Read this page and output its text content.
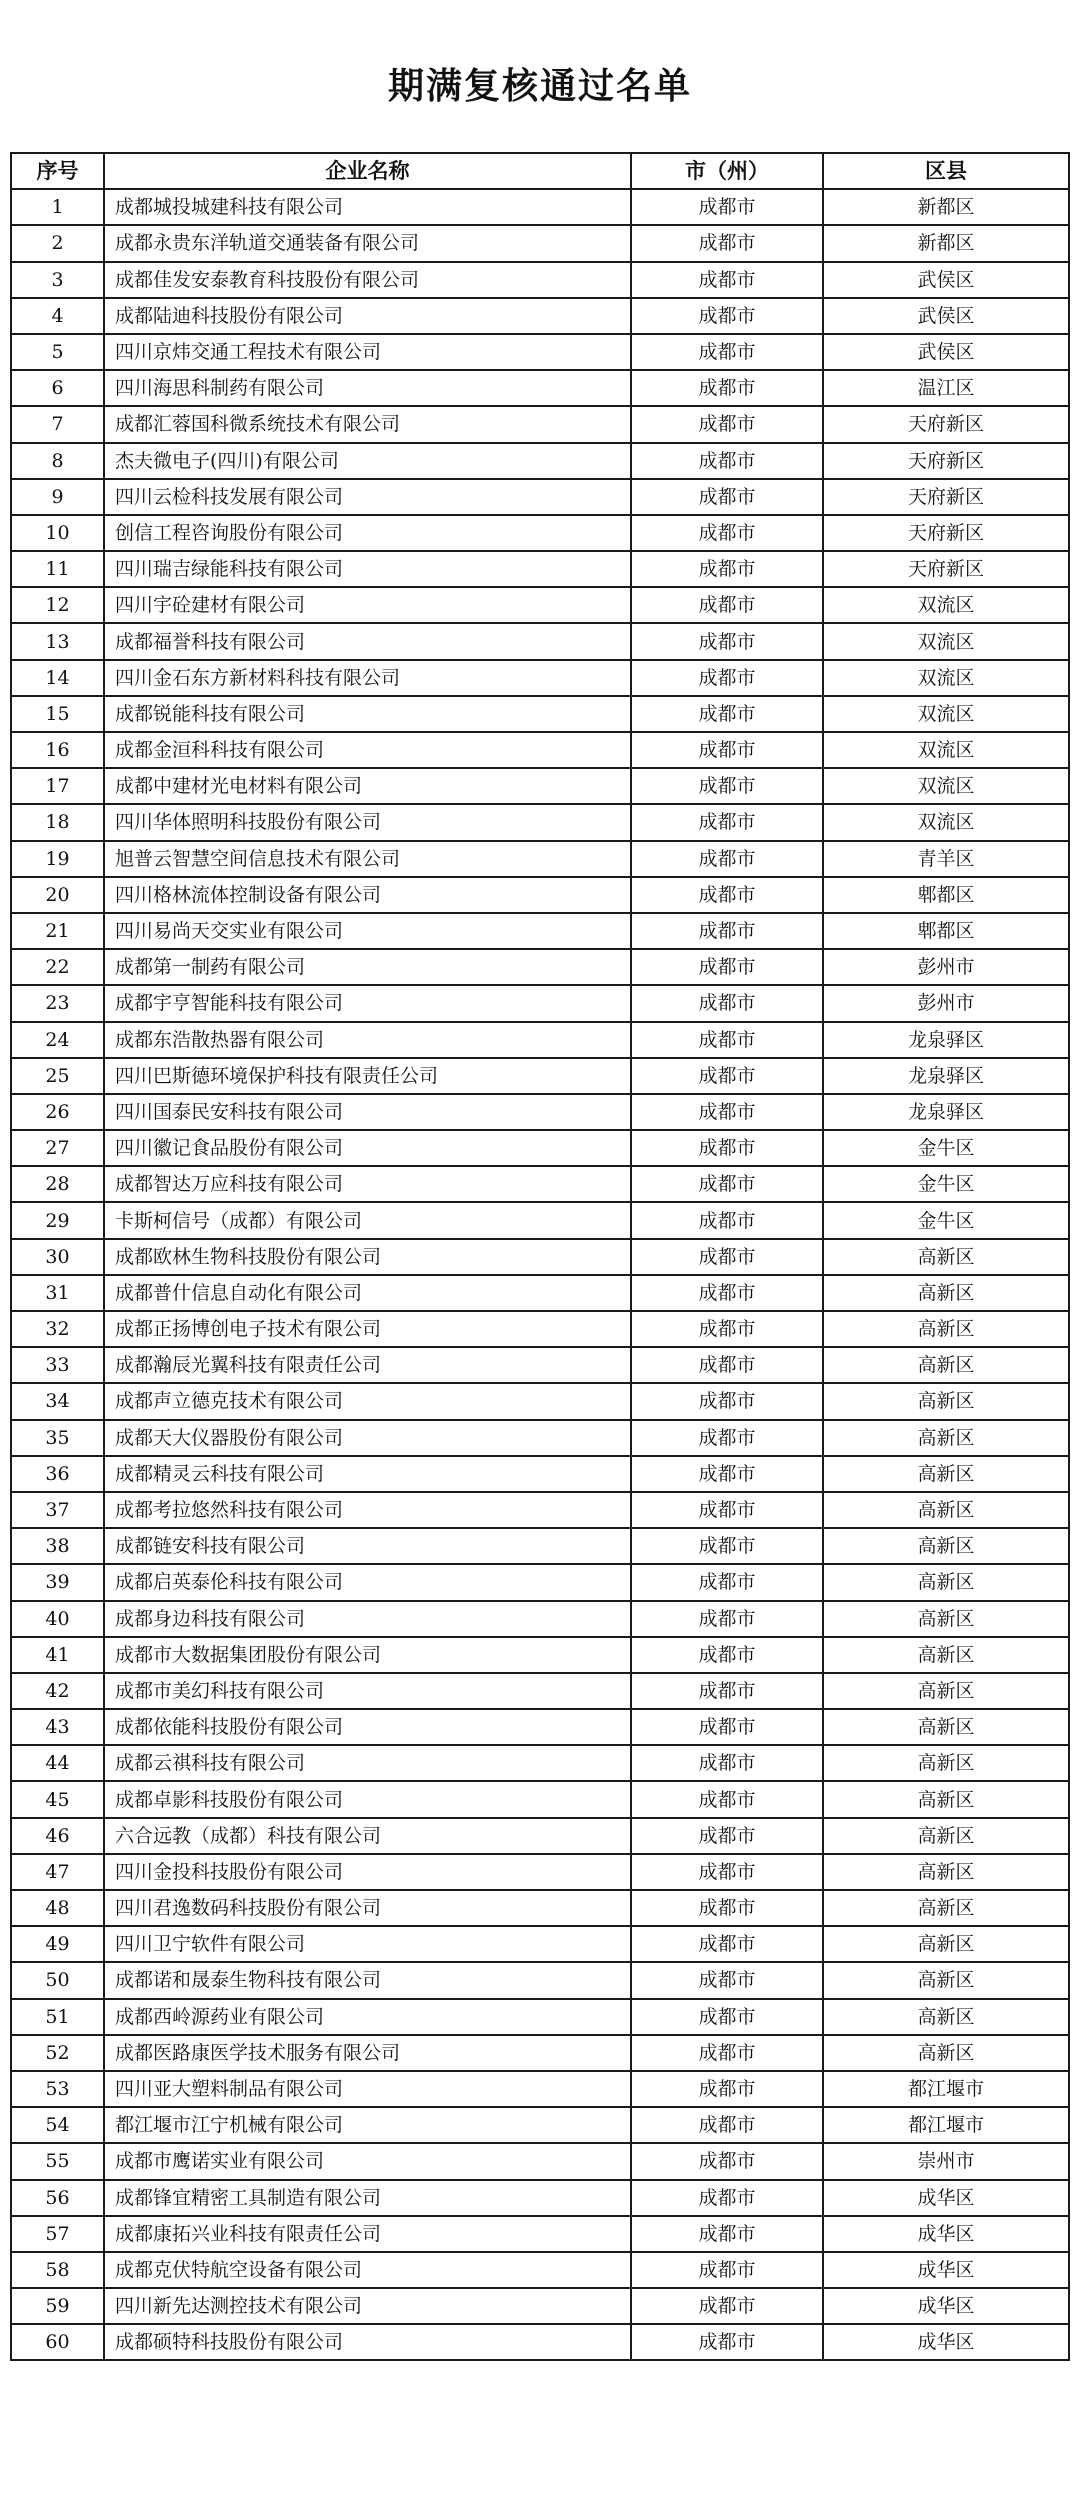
期满复核通过名单
序号	企业名称	市（州）	区县
1	成都城投城建科技有限公司	成都市	新都区
2	成都永贵东洋轨道交通装备有限公司	成都市	新都区
3	成都佳发安泰教育科技股份有限公司	成都市	武侯区
4	成都陆迪科技股份有限公司	成都市	武侯区
5	四川京炜交通工程技术有限公司	成都市	武侯区
6	四川海思科制药有限公司	成都市	温江区
7	成都汇蓉国科微系统技术有限公司	成都市	天府新区
8	杰夫微电子(四川)有限公司	成都市	天府新区
9	四川云检科技发展有限公司	成都市	天府新区
10	创信工程咨询股份有限公司	成都市	天府新区
11	四川瑞吉绿能科技有限公司	成都市	天府新区
12	四川宇砼建材有限公司	成都市	双流区
13	成都福誉科技有限公司	成都市	双流区
14	四川金石东方新材料科技有限公司	成都市	双流区
15	成都锐能科技有限公司	成都市	双流区
16	成都金洹科科技有限公司	成都市	双流区
17	成都中建材光电材料有限公司	成都市	双流区
18	四川华体照明科技股份有限公司	成都市	双流区
19	旭普云智慧空间信息技术有限公司	成都市	青羊区
20	四川格林流体控制设备有限公司	成都市	郫都区
21	四川易尚天交实业有限公司	成都市	郫都区
22	成都第一制药有限公司	成都市	彭州市
23	成都宇亨智能科技有限公司	成都市	彭州市
24	成都东浩散热器有限公司	成都市	龙泉驿区
25	四川巴斯德环境保护科技有限责任公司	成都市	龙泉驿区
26	四川国泰民安科技有限公司	成都市	龙泉驿区
27	四川徽记食品股份有限公司	成都市	金牛区
28	成都智达万应科技有限公司	成都市	金牛区
29	卡斯柯信号（成都）有限公司	成都市	金牛区
30	成都欧林生物科技股份有限公司	成都市	高新区
31	成都普什信息自动化有限公司	成都市	高新区
32	成都正扬博创电子技术有限公司	成都市	高新区
33	成都瀚辰光翼科技有限责任公司	成都市	高新区
34	成都声立德克技术有限公司	成都市	高新区
35	成都天大仪器股份有限公司	成都市	高新区
36	成都精灵云科技有限公司	成都市	高新区
37	成都考拉悠然科技有限公司	成都市	高新区
38	成都链安科技有限公司	成都市	高新区
39	成都启英泰伦科技有限公司	成都市	高新区
40	成都身边科技有限公司	成都市	高新区
41	成都市大数据集团股份有限公司	成都市	高新区
42	成都市美幻科技有限公司	成都市	高新区
43	成都依能科技股份有限公司	成都市	高新区
44	成都云祺科技有限公司	成都市	高新区
45	成都卓影科技股份有限公司	成都市	高新区
46	六合远教（成都）科技有限公司	成都市	高新区
47	四川金投科技股份有限公司	成都市	高新区
48	四川君逸数码科技股份有限公司	成都市	高新区
49	四川卫宁软件有限公司	成都市	高新区
50	成都诺和晟泰生物科技有限公司	成都市	高新区
51	成都西岭源药业有限公司	成都市	高新区
52	成都医路康医学技术服务有限公司	成都市	高新区
53	四川亚大塑料制品有限公司	成都市	都江堰市
54	都江堰市江宁机械有限公司	成都市	都江堰市
55	成都市鹰诺实业有限公司	成都市	崇州市
56	成都锋宜精密工具制造有限公司	成都市	成华区
57	成都康拓兴业科技有限责任公司	成都市	成华区
58	成都克伏特航空设备有限公司	成都市	成华区
59	四川新先达测控技术有限公司	成都市	成华区
60	成都硕特科技股份有限公司	成都市	成华区
